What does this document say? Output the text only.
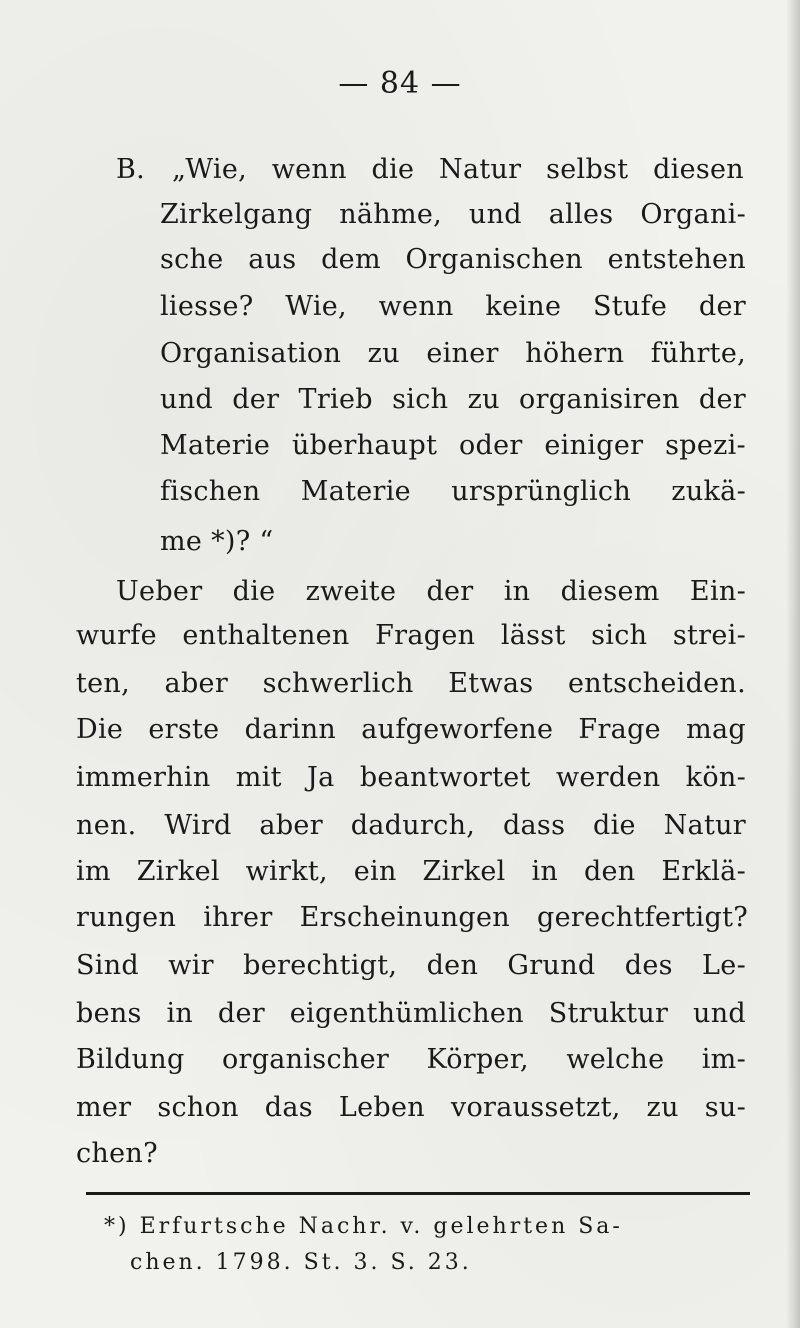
— 84 —
B. „Wie, wenn die Natur selbst diesen
Zirkelgang nähme, und alles Organi-
sche aus dem Organischen entstehen
liesse? Wie, wenn keine Stufe der
Organisation zu einer höhern führte,
und der Trieb sich zu organisiren der
Materie überhaupt oder einiger spezi-
fischen Materie ursprünglich zukä-
me *)? “
Ueber die zweite der in diesem Ein-
wurfe enthaltenen Fragen lässt sich strei-
ten, aber schwerlich Etwas entscheiden.
Die erste darinn aufgeworfene Frage mag
immerhin mit Ja beantwortet werden kön-
nen. Wird aber dadurch, dass die Natur
im Zirkel wirkt, ein Zirkel in den Erklä-
rungen ihrer Erscheinungen gerechtfertigt?
Sind wir berechtigt, den Grund des Le-
bens in der eigenthümlichen Struktur und
Bildung organischer Körper, welche im-
mer schon das Leben voraussetzt, zu su-
chen?
*) Erfurtsche Nachr. v. gelehrten Sa-
chen. 1798. St. 3. S. 23.
